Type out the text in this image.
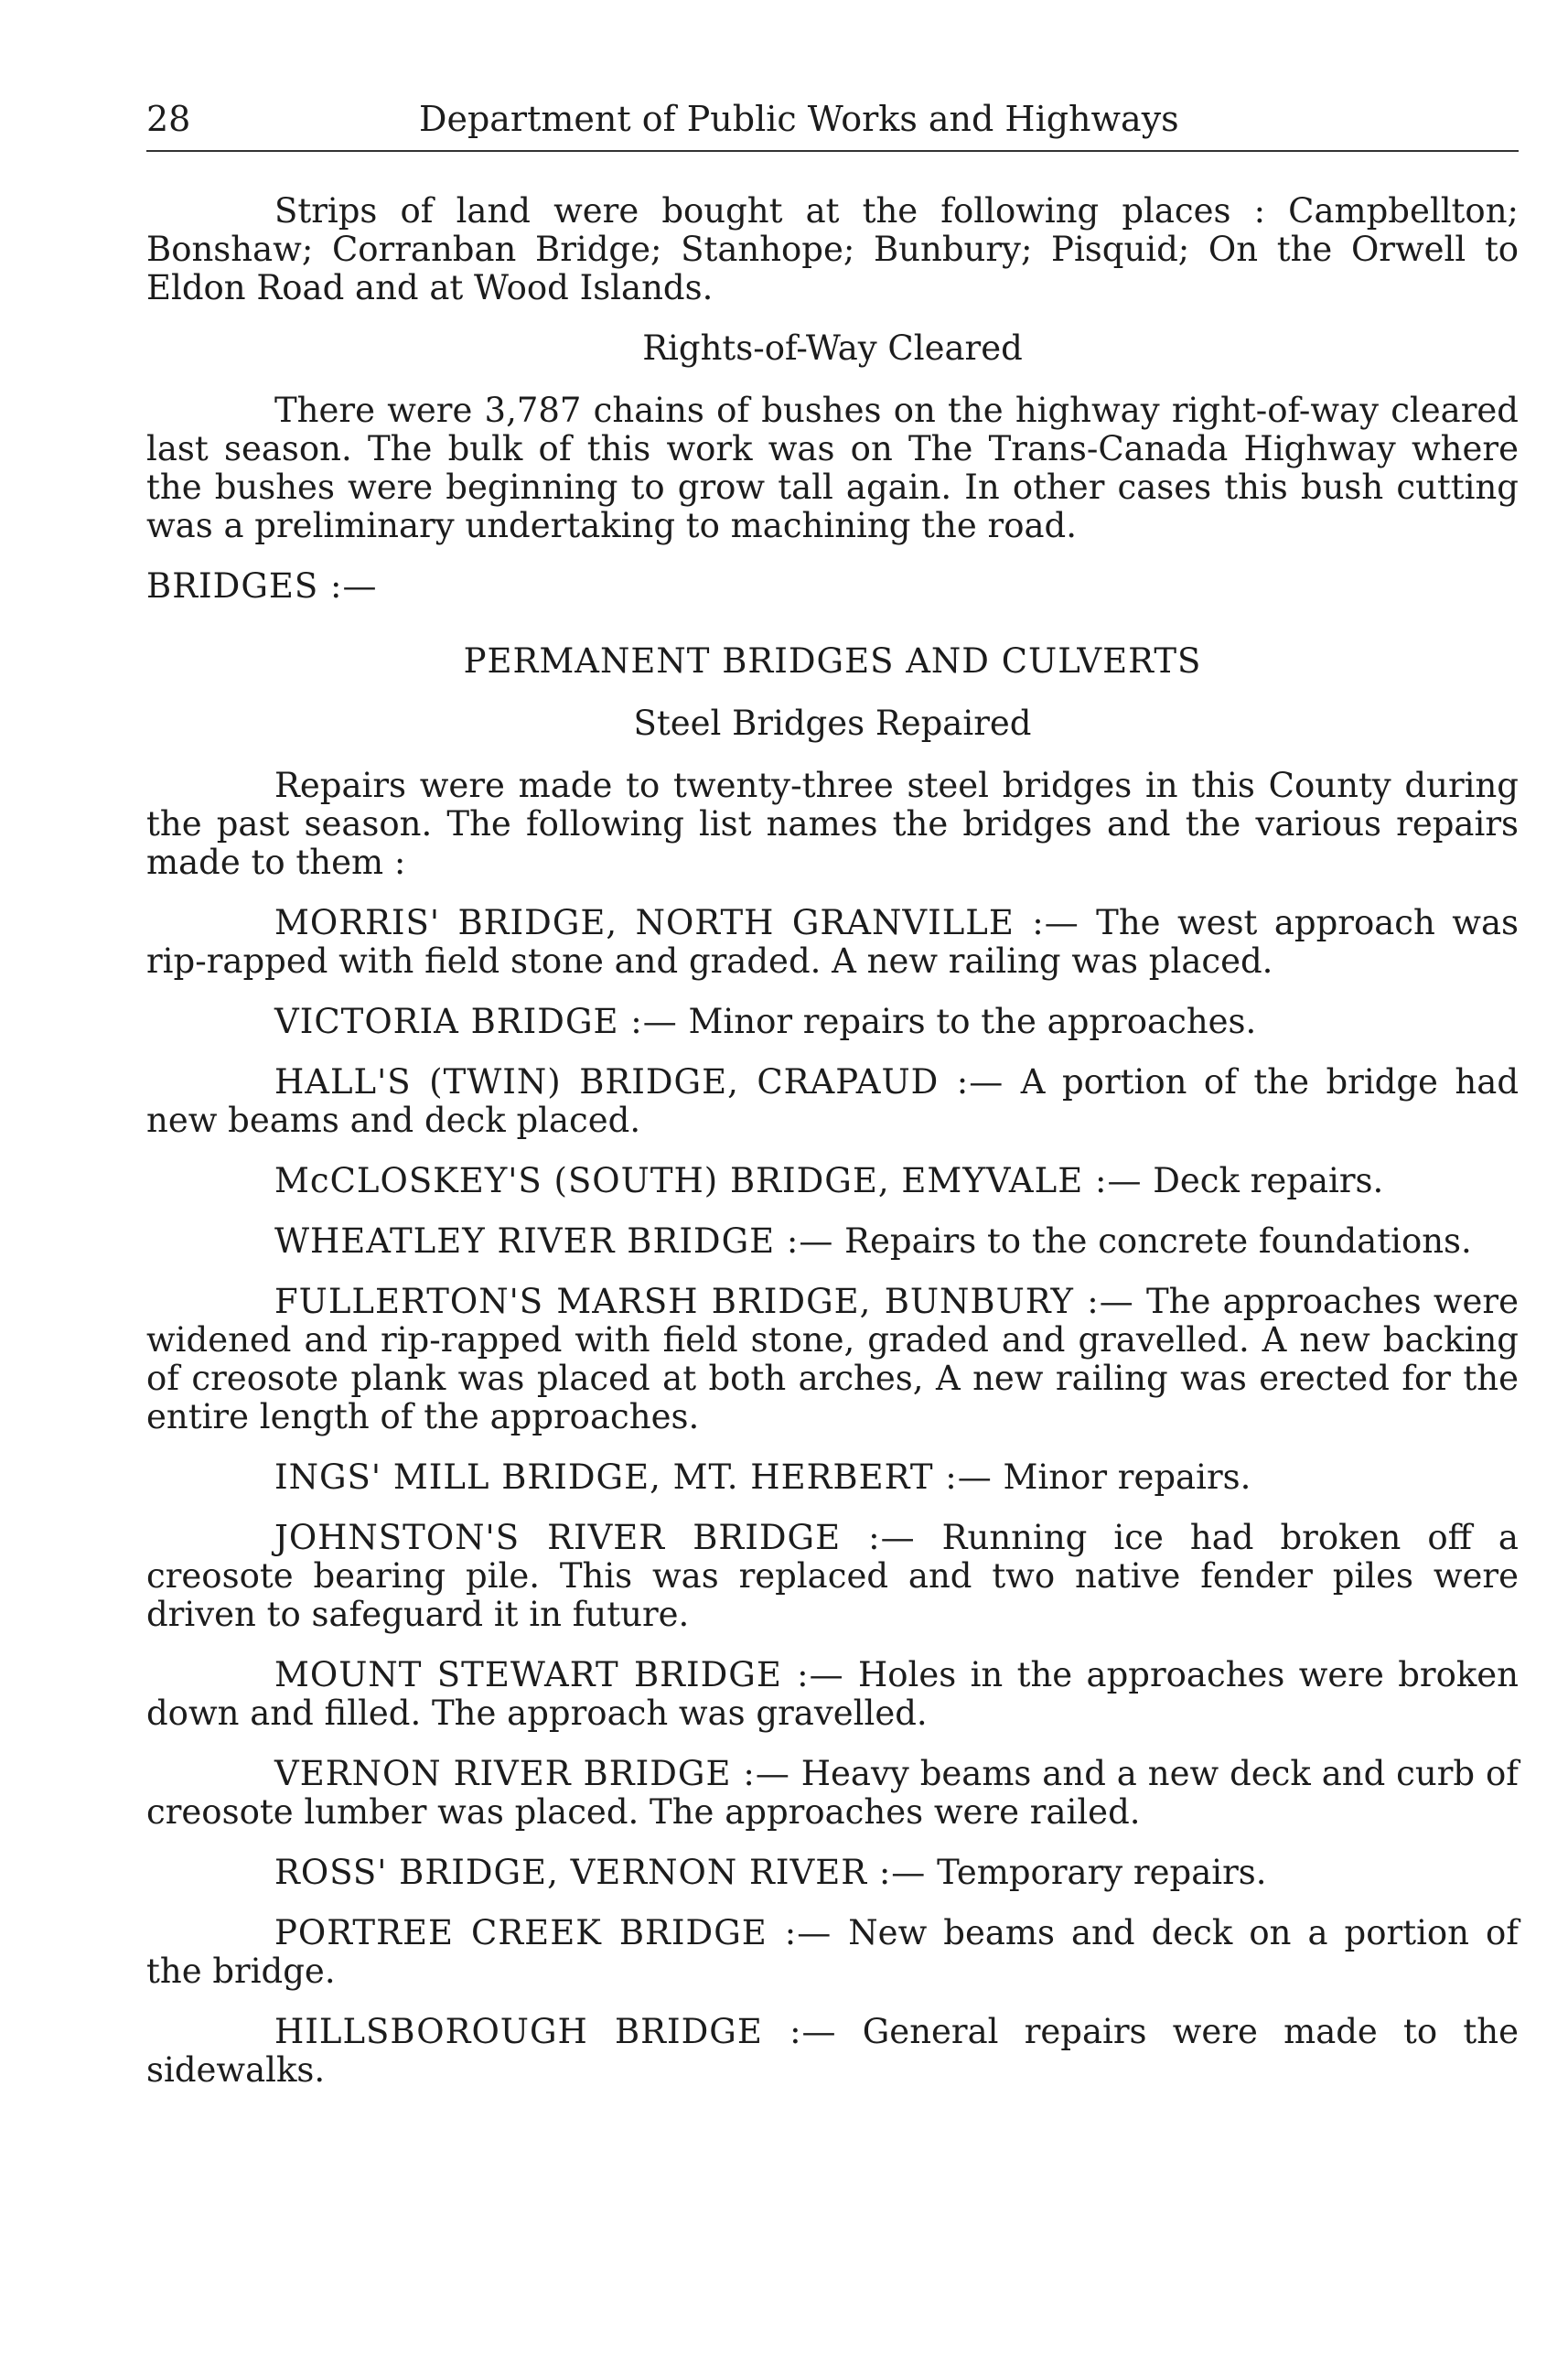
28	Department of Public Works and Highways

Strips of land were bought at the following places : Campbellton; Bonshaw; Corranban Bridge; Stanhope; Bunbury; Pisquid; On the Orwell to Eldon Road and at Wood Islands.

Rights-of-Way Cleared

There were 3,787 chains of bushes on the highway right-of-way cleared last season. The bulk of this work was on The Trans-Canada Highway where the bushes were beginning to grow tall again. In other cases this bush cutting was a preliminary undertaking to machining the road.

BRIDGES :—

PERMANENT BRIDGES AND CULVERTS

Steel Bridges Repaired

Repairs were made to twenty-three steel bridges in this County during the past season. The following list names the bridges and the various repairs made to them :

MORRIS' BRIDGE, NORTH GRANVILLE :— The west approach was rip-rapped with field stone and graded. A new railing was placed.

VICTORIA BRIDGE :— Minor repairs to the approaches.

HALL'S (TWIN) BRIDGE, CRAPAUD :— A portion of the bridge had new beams and deck placed.

McCLOSKEY'S (SOUTH) BRIDGE, EMYVALE :— Deck repairs.

WHEATLEY RIVER BRIDGE :— Repairs to the concrete foundations.

FULLERTON'S MARSH BRIDGE, BUNBURY :— The approaches were widened and rip-rapped with field stone, graded and gravelled. A new backing of creosote plank was placed at both arches, A new railing was erected for the entire length of the approaches.

INGS' MILL BRIDGE, MT. HERBERT :— Minor repairs.

JOHNSTON'S RIVER BRIDGE :— Running ice had broken off a creosote bearing pile. This was replaced and two native fender piles were driven to safeguard it in future.

MOUNT STEWART BRIDGE :— Holes in the approaches were broken down and filled. The approach was gravelled.

VERNON RIVER BRIDGE :— Heavy beams and a new deck and curb of creosote lumber was placed. The approaches were railed.

ROSS' BRIDGE, VERNON RIVER :— Temporary repairs.

PORTREE CREEK BRIDGE :— New beams and deck on a portion of the bridge.

HILLSBOROUGH BRIDGE :— General repairs were made to the sidewalks.
